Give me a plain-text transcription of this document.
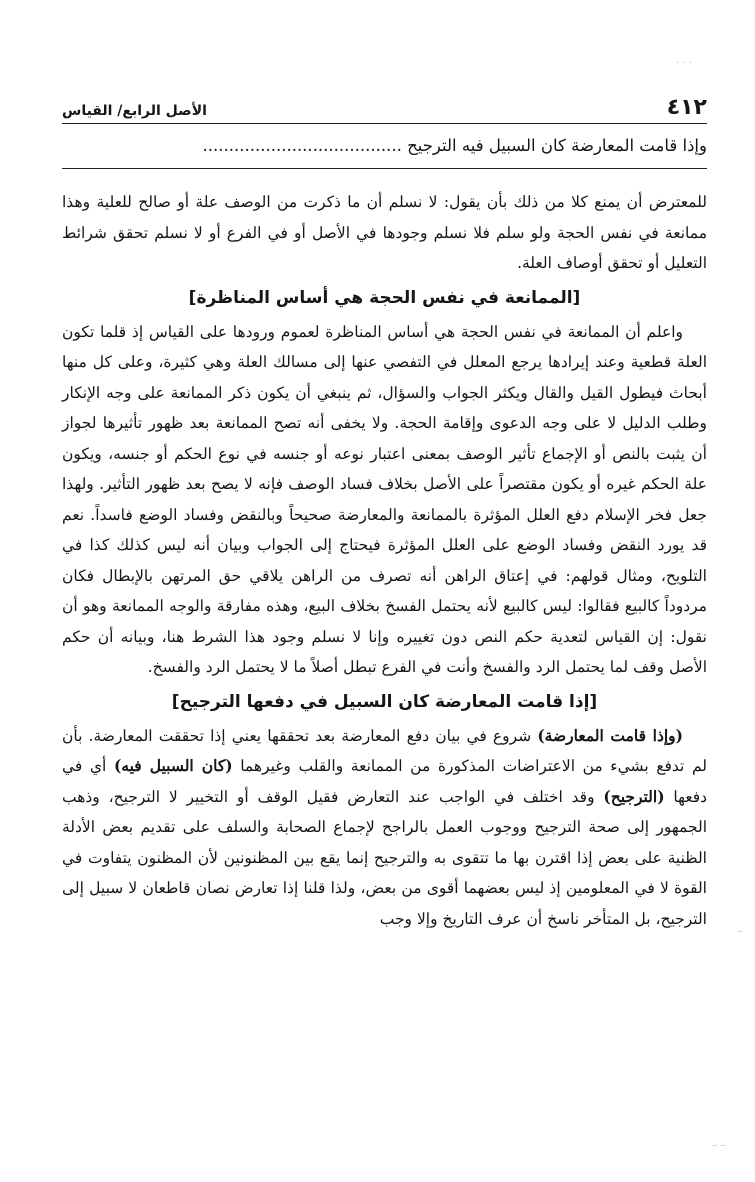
· · ·
–
– –
٤١٢
الأصل الرابع/ القياس
وإذا قامت المعارضة كان السبيل فيه الترجيح ......................................

للمعترض أن يمنع كلا من ذلك بأن يقول: لا نسلم أن ما ذكرت من الوصف علة أو صالح للعلية وهذا ممانعة في نفس الحجة ولو سلم فلا نسلم وجودها في الأصل أو في الفرع أو لا نسلم تحقق شرائط التعليل أو تحقق أوصاف العلة.

[الممانعة في نفس الحجة هي أساس المناظرة]

واعلم أن الممانعة في نفس الحجة هي أساس المناظرة لعموم ورودها على القياس إذ قلما تكون العلة قطعية وعند إيرادها يرجع المعلل في التفصي عنها إلى مسالك العلة وهي كثيرة، وعلى كل منها أبحاث فيطول القيل والقال ويكثر الجواب والسؤال، ثم ينبغي أن يكون ذكر الممانعة على وجه الإنكار وطلب الدليل لا على وجه الدعوى وإقامة الحجة. ولا يخفى أنه تصح الممانعة بعد ظهور تأثيرها لجواز أن يثبت بالنص أو الإجماع تأثير الوصف بمعنى اعتبار نوعه أو جنسه في نوع الحكم أو جنسه، ويكون علة الحكم غيره أو يكون مقتصراً على الأصل بخلاف فساد الوصف فإنه لا يصح بعد ظهور التأثير. ولهذا جعل فخر الإسلام دفع العلل المؤثرة بالممانعة والمعارضة صحيحاً وبالنقض وفساد الوضع فاسداً. نعم قد يورد النقض وفساد الوضع على العلل المؤثرة فيحتاج إلى الجواب وبيان أنه ليس كذلك كذا في التلويح، ومثال قولهم: في إعتاق الراهن أنه تصرف من الراهن يلاقي حق المرتهن بالإبطال فكان مردوداً كالبيع فقالوا: ليس كالبيع لأنه يحتمل الفسخ بخلاف البيع، وهذه مفارقة والوجه الممانعة وهو أن نقول: إن القياس لتعدية حكم النص دون تغييره وإنا لا نسلم وجود هذا الشرط هنا، وبيانه أن حكم الأصل وقف لما يحتمل الرد والفسخ وأنت في الفرع تبطل أصلاً ما لا يحتمل الرد والفسخ.

[إذا قامت المعارضة كان السبيل في دفعها الترجيح]

(وإذا قامت المعارضة) شروع في بيان دفع المعارضة بعد تحققها يعني إذا تحققت المعارضة. بأن لم تدفع بشيء من الاعتراضات المذكورة من الممانعة والقلب وغيرهما (كان السبيل فيه) أي في دفعها (الترجيح) وقد اختلف في الواجب عند التعارض فقيل الوقف أو التخيير لا الترجيح، وذهب الجمهور إلى صحة الترجيح ووجوب العمل بالراجح لإجماع الصحابة والسلف على تقديم بعض الأدلة الظنية على بعض إذا اقترن بها ما تتقوى به والترجيح إنما يقع بين المظنونين لأن المظنون يتفاوت في القوة لا في المعلومين إذ ليس بعضهما أقوى من بعض، ولذا قلنا إذا تعارض نصان قاطعان لا سبيل إلى الترجيح، بل المتأخر ناسخ أن عرف التاريخ وإلا وجب
